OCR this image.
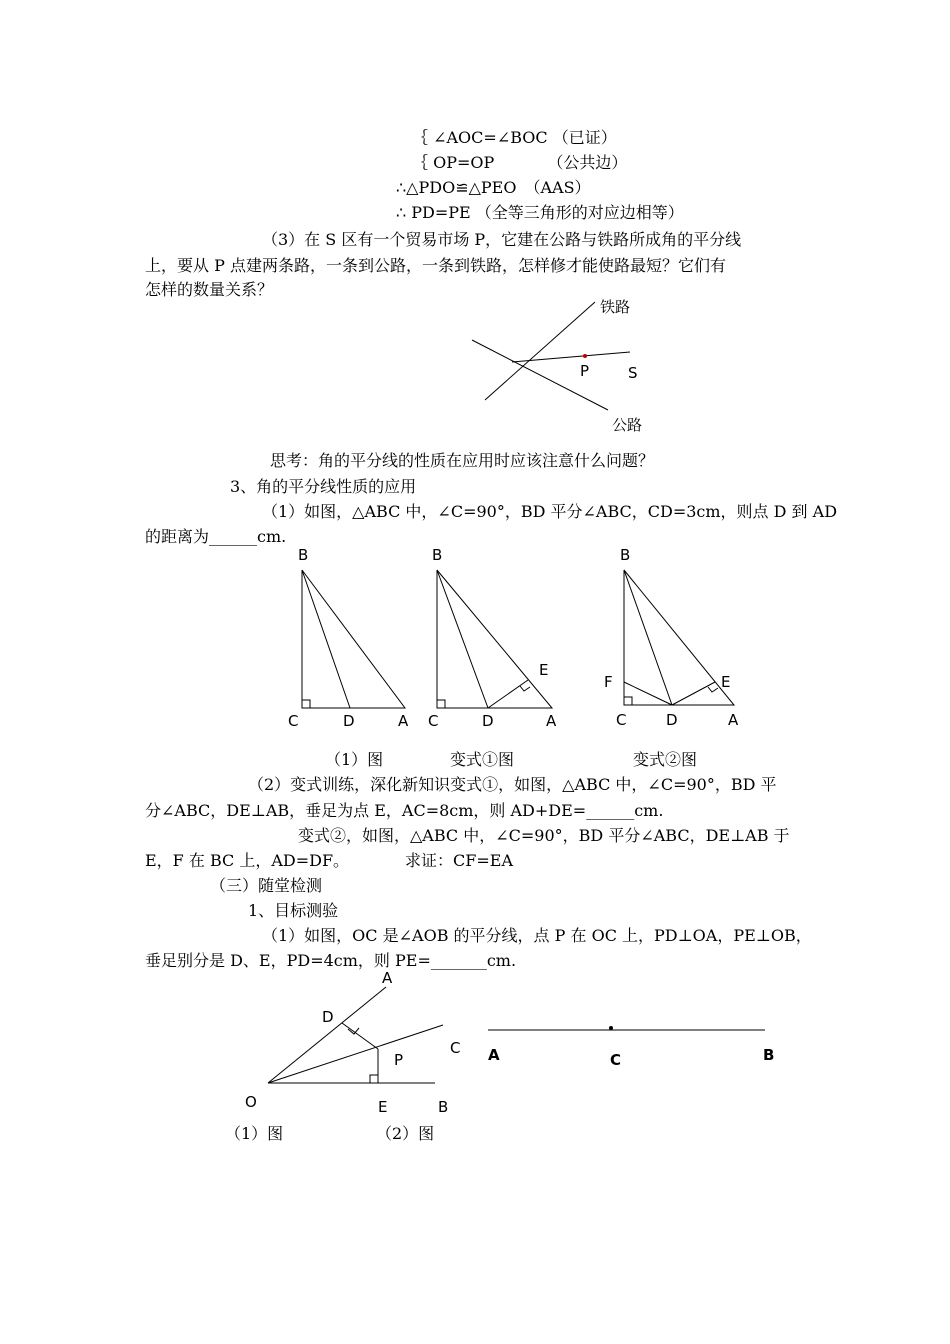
｛ ∠AOC=∠BOC （已证）
｛ OP=OP　　　 （公共边）
∴△PDO≌△PEO　（AAS）
∴ PD=PE （全等三角形的对应边相等）
（3）在 S 区有一个贸易市场 P，它建在公路与铁路所成角的平分线
上，要从 P 点建两条路，一条到公路，一条到铁路，怎样修才能使路最短？它们有
怎样的数量关系？
铁路
公路
P	S
思考：角的平分线的性质在应用时应该注意什么问题？
3、角的平分线性质的应用
（1）如图，△ABC 中，∠C=90°，BD 平分∠ABC，CD=3cm，则点 D 到 AD
的距离为______cm.
B
C	D	A
B
C	D	A
E
B
F
C	D	A
E
（1）图	变式①图	变式②图
（2）变式训练，深化新知识变式①，如图，△ABC 中，∠C=90°，BD 平
分∠ABC，DE⊥AB，垂足为点 E，AC=8cm，则 AD+DE=______cm.
变式②，如图，△ABC 中，∠C=90°，BD 平分∠ABC，DE⊥AB 于
E，F 在 BC 上，AD=DF。　　　　求证：CF=EA
（三）随堂检测
1、目标测验
（1）如图，OC 是∠AOB 的平分线，点 P 在 OC 上，PD⊥OA，PE⊥OB，
垂足别分是 D、E，PD=4cm，则 PE=_______cm.
A
D
P
C
O	E	B
A	C	B
（1）图	（2）图
